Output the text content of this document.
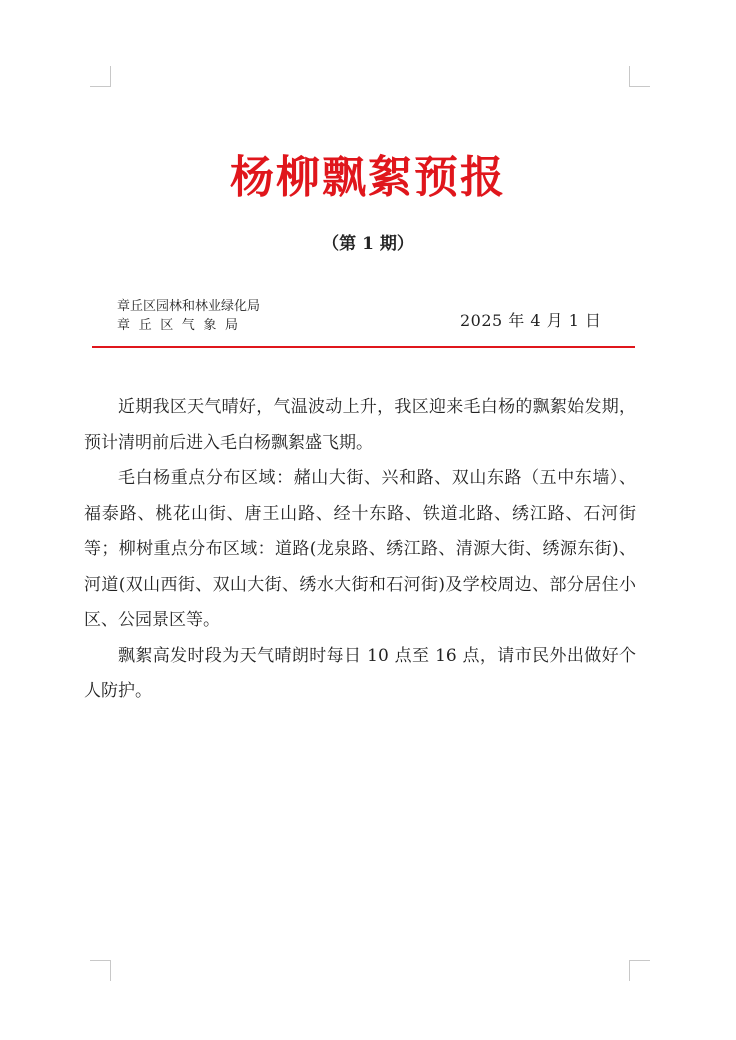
杨柳飘絮预报
（第 1 期）
章丘区园林和林业绿化局
章丘区气象局	2025 年 4 月 1 日

近期我区天气晴好，气温波动上升，我区迎来毛白杨的飘絮始发期，预计清明前后进入毛白杨飘絮盛飞期。

毛白杨重点分布区域：赭山大街、兴和路、双山东路（五中东墙）、福泰路、桃花山街、唐王山路、经十东路、铁道北路、绣江路、石河街等；柳树重点分布区域：道路(龙泉路、绣江路、清源大街、绣源东街)、河道(双山西街、双山大街、绣水大街和石河街)及学校周边、部分居住小区、公园景区等。

飘絮高发时段为天气晴朗时每日 10 点至 16 点，请市民外出做好个人防护。
